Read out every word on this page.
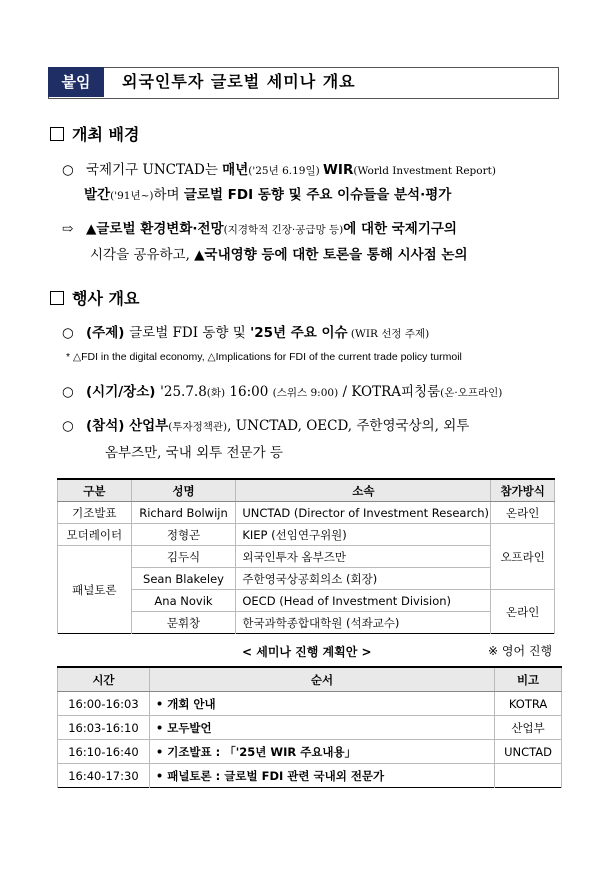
붙임	외국인투자 글로벌 세미나 개요
개최 배경
○ 국제기구 UNCTAD는 매년('25년 6.19일) WIR(World Investment Report)
발간('91년~)하며 글로벌 FDI 동향 및 주요 이슈들을 분석·평가
⇨ ▲글로벌 환경변화·전망(지경학적 긴장·공급망 등)에 대한 국제기구의
시각을 공유하고, ▲국내영향 등에 대한 토론을 통해 시사점 논의
행사 개요
○ (주제) 글로벌 FDI 동향 및 '25년 주요 이슈 (WIR 선정 주제)
* △FDI in the digital economy, △Implications for FDI of the current trade policy turmoil
○ (시기/장소) '25.7.8(화) 16:00 (스위스 9:00) / KOTRA피칭룸(온·오프라인)
○ (참석) 산업부(투자정책관), UNCTAD, OECD, 주한영국상의, 외투
옴부즈만, 국내 외투 전문가 등
구분	성명	소속	참가방식
기조발표	Richard Bolwijn	UNCTAD (Director of Investment Research)	온라인
모더레이터	정형곤	KIEP (선임연구위원)	오프라인
패널토론	김두식	외국인투자 옴부즈만	
	Sean Blakeley	주한영국상공회의소 (회장)	
	Ana Novik	OECD (Head of Investment Division)	온라인
	문휘창	한국과학종합대학원 (석좌교수)	
< 세미나 진행 계획안 >	※ 영어 진행
시간	순서	비고
16:00-16:03	• 개회 안내	KOTRA
16:03-16:10	• 모두발언	산업부
16:10-16:40	• 기조발표 : 「'25년 WIR 주요내용」	UNCTAD
16:40-17:30	• 패널토론 : 글로벌 FDI 관련 국내외 전문가	
